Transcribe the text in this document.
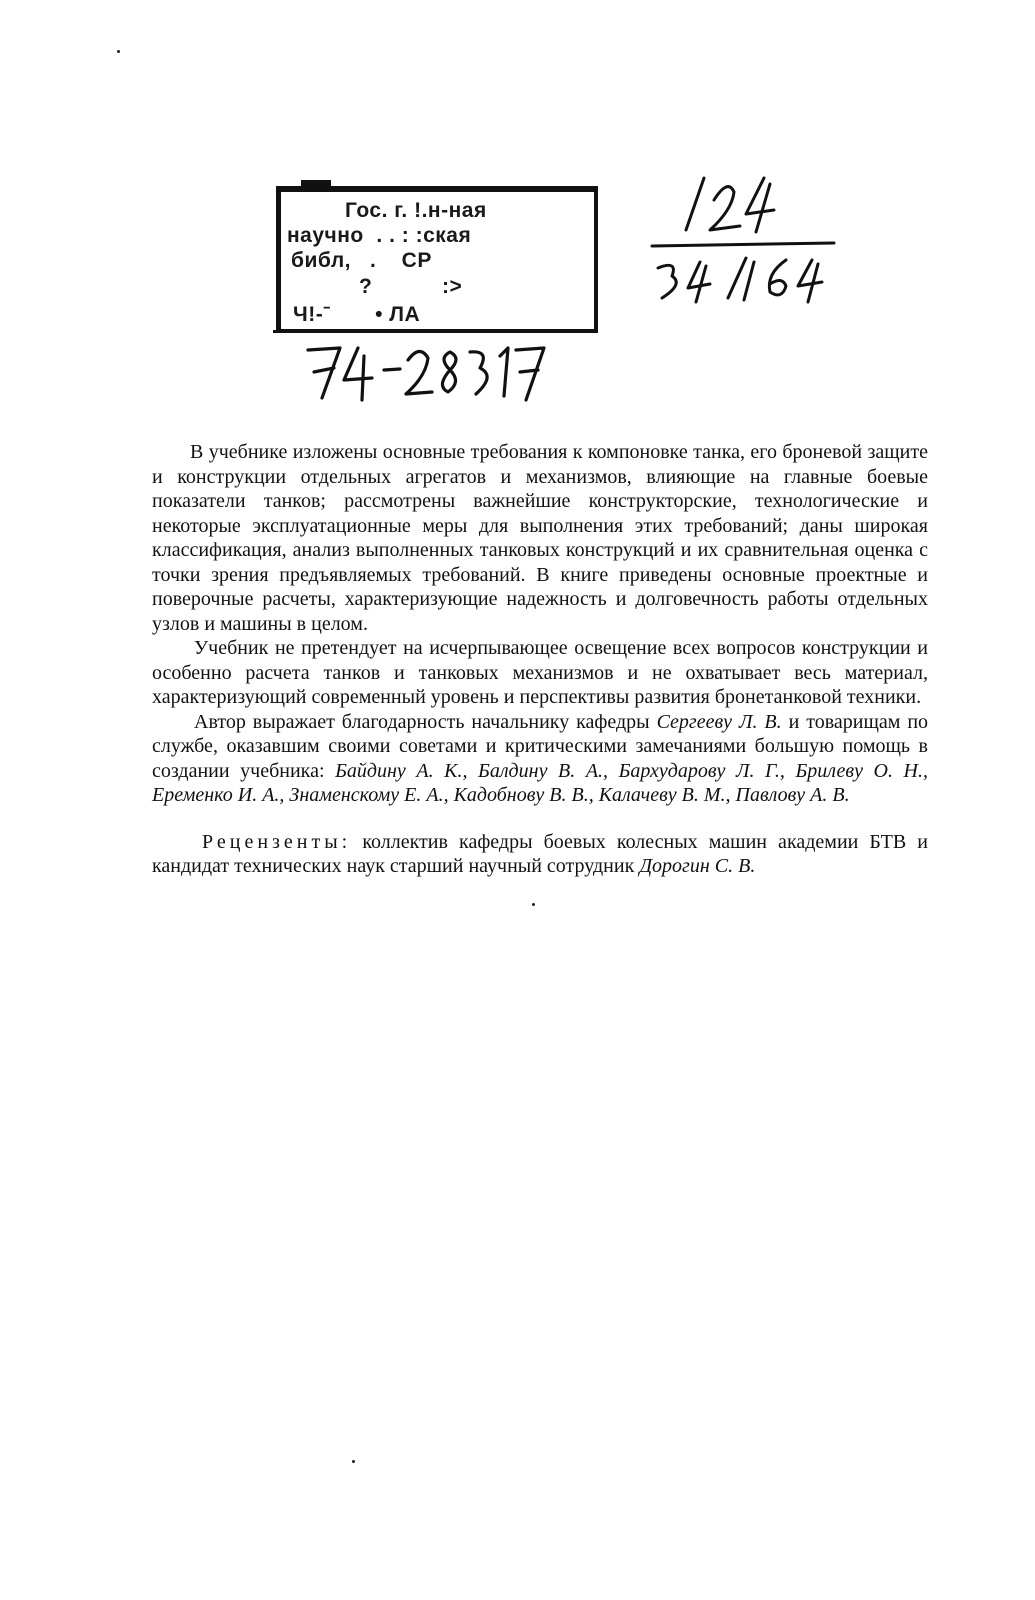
Гос. г. !.н-ная
научно  . . : :ская
библ,   .    СР
?           :>
Ч!-ˉ       • ЛА

В учебнике изложены основные требования к компоновке танка, его броневой защите и конструкции отдельных агрегатов и механизмов, влияющие на главные боевые показатели танков; рассмотрены важнейшие конструкторские, технологические и некоторые эксплуатационные меры для выполнения этих требований; даны широкая классификация, анализ выполненных танковых конструкций и их сравнительная оценка с точки зрения предъявляемых требований. В книге приведены основные проектные и поверочные расчеты, характеризующие надежность и долговечность работы отдельных узлов и машины в целом.

Учебник не претендует на исчерпывающее освещение всех вопросов конструкции и особенно расчета танков и танковых механизмов и не охватывает весь материал, характеризующий современный уровень и перспективы развития бронетанковой техники.

Автор выражает благодарность начальнику кафедры Сергееву Л. В. и товарищам по службе, оказавшим своими советами и критическими замечаниями большую помощь в создании учебника: Байдину А. К., Балдину В. А., Бархударову Л. Г., Брилеву О. Н., Еременко И. А., Знаменскому Е. А., Кадобнову В. В., Калачеву В. М., Павлову А. В.

Рецензенты: коллектив кафедры боевых колесных машин академии БТВ и кандидат технических наук старший научный сотрудник Дорогин С. В.
